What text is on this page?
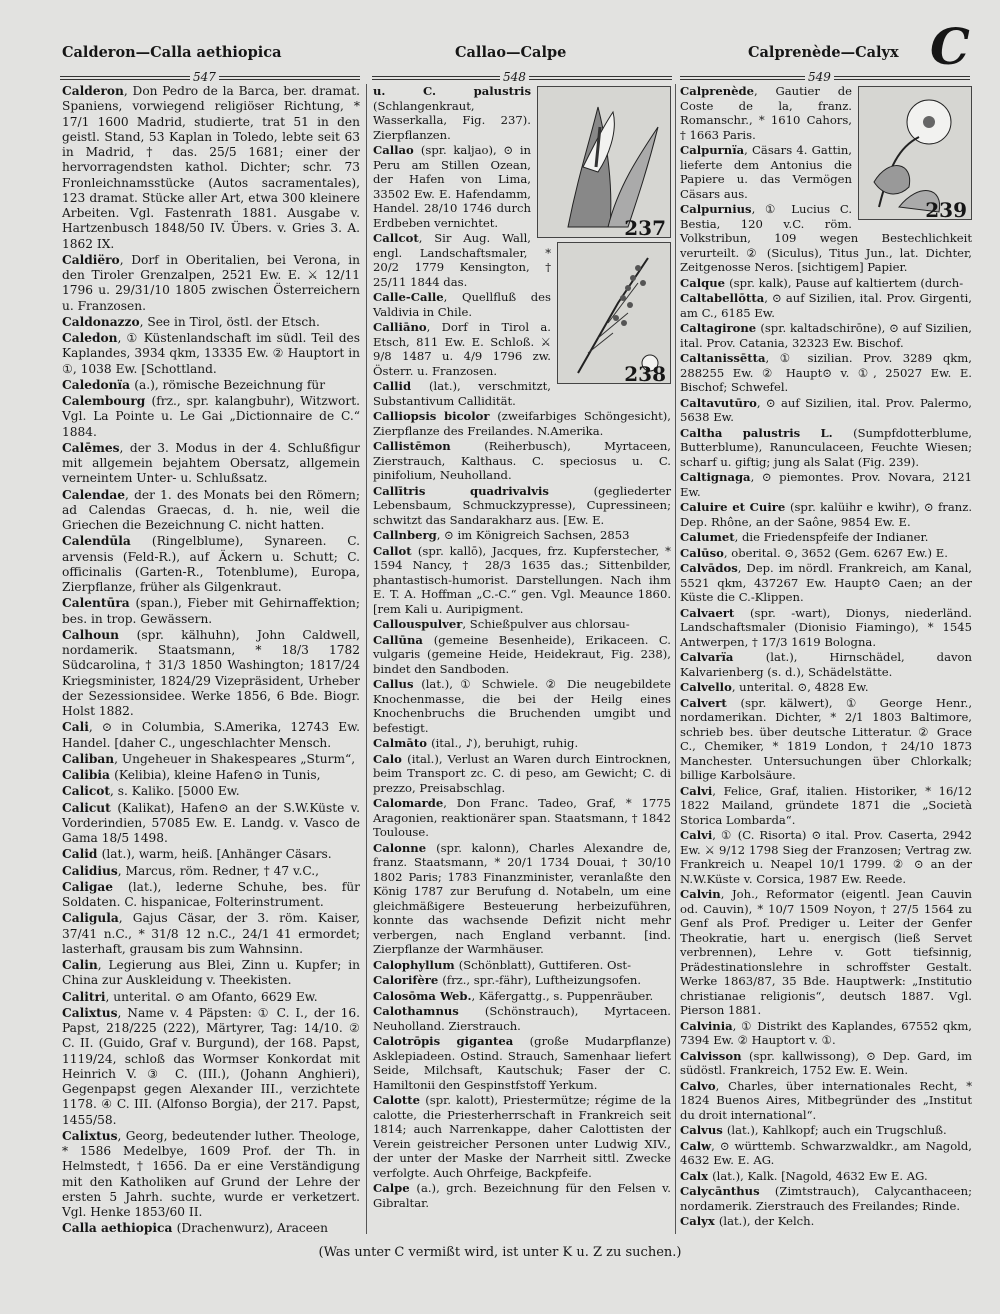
Calderon—Calla aethiopica	Callao—Calpe	Calprenède—Calyx C
547	548	549
Calderon, Don Pedro de la Barca, ber. dramat. Spaniens, vorwiegend religiöser Richtung, * 17/1 1600 Madrid, studierte, trat 51 in den geistl. Stand, 53 Kaplan in Toledo, lebte seit 63 in Madrid, † das. 25/5 1681; einer der hervorragendsten kathol. Dichter; schr. 73 Fronleichnamsstücke (Autos sacramentales), 123 dramat. Stücke aller Art, etwa 300 kleinere Arbeiten. Vgl. Fastenrath 1881. Ausgabe v. Hartzenbusch 1848/50 IV. Übers. v. Gries 3. A. 1862 IX.
Caldiëro, Dorf in Oberitalien, bei Verona, in den Tiroler Grenzalpen, 2521 Ew. E. ⚔ 12/11 1796 u. 29/31/10 1805 zwischen Österreichern u. Franzosen.
Caldonazzo, See in Tirol, östl. der Etsch.
Caledon, ① Küstenlandschaft im südl. Teil des Kaplandes, 3934 qkm, 13335 Ew. ② Hauptort in ①, 1038 Ew. [Schottland.
Caledonïa (a.), römische Bezeichnung für
Calembourg (frz., spr. kalangbuhr), Witzwort. Vgl. La Pointe u. Le Gai „Dictionnaire de C.“ 1884.
Calēmes, der 3. Modus in der 4. Schlußfigur mit allgemein bejahtem Obersatz, allgemein verneintem Unter- u. Schlußsatz.
Calendae, der 1. des Monats bei den Römern; ad Calendas Graecas, d. h. nie, weil die Griechen die Bezeichnung C. nicht hatten.
Calendūla (Ringelblume), Synareen. C. arvensis (Feld-R.), auf Äckern u. Schutt; C. officinalis (Garten-R., Totenblume), Europa, Zierpflanze, früher als Gilgenkraut.
Calentūra (span.), Fieber mit Gehirnaffektion; bes. in trop. Gewässern.
Calhoun (spr. kälhuhn), John Caldwell, nordamerik. Staatsmann, * 18/3 1782 Südcarolina, † 31/3 1850 Washington; 1817/24 Kriegsminister, 1824/29 Vizepräsident, Urheber der Sezessionsidee. Werke 1856, 6 Bde. Biogr. Holst 1882.
Cali, ⊙ in Columbia, S.Amerika, 12743 Ew. Handel. [daher C., ungeschlachter Mensch.
Caliban, Ungeheuer in Shakespeares „Sturm“,
Calibia (Kelibia), kleine Hafen⊙ in Tunis,
Calicot, s. Kaliko. [5000 Ew.
Calicut (Kalikat), Hafen⊙ an der S.W.Küste v. Vorderindien, 57085 Ew. E. Landg. v. Vasco de Gama 18/5 1498.
Calid (lat.), warm, heiß. [Anhänger Cäsars.
Calidius, Marcus, röm. Redner, † 47 v.C.,
Caligae (lat.), lederne Schuhe, bes. für Soldaten. C. hispanicae, Folterinstrument.
Caligula, Gajus Cäsar, der 3. röm. Kaiser, 37/41 n.C., * 31/8 12 n.C., 24/1 41 ermordet; lasterhaft, grausam bis zum Wahnsinn.
Calin, Legierung aus Blei, Zinn u. Kupfer; in China zur Auskleidung v. Theekisten.
Calitri, unterital. ⊙ am Ofanto, 6629 Ew.
Calixtus, Name v. 4 Päpsten: ① C. I., der 16. Papst, 218/225 (222), Märtyrer, Tag: 14/10. ② C. II. (Guido, Graf v. Burgund), der 168. Papst, 1119/24, schloß das Wormser Konkordat mit Heinrich V. ③ C. (III.), (Johann Anghieri), Gegenpapst gegen Alexander III., verzichtete 1178. ④ C. III. (Alfonso Borgia), der 217. Papst, 1455/58.
Calixtus, Georg, bedeutender luther. Theologe, * 1586 Medelbye, 1609 Prof. der Th. in Helmstedt, † 1656. Da er eine Verständigung mit den Katholiken auf Grund der Lehre der ersten 5 Jahrh. suchte, wurde er verketzert. Vgl. Henke 1853/60 II.
Calla aethiopica (Drachenwurz), Araceen
237
238
u. C. palustris (Schlangenkraut, Wasserkalla, Fig. 237). Zierpflanzen.
Callao (spr. kaljao), ⊙ in Peru am Stillen Ozean, der Hafen von Lima, 33502 Ew. E. Hafendamm, Handel. 28/10 1746 durch Erdbeben vernichtet.
Callcot, Sir Aug. Wall, engl. Landschaftsmaler, * 20/2 1779 Kensington, † 25/11 1844 das.
Calle-Calle, Quellfluß des Valdivia in Chile.
Calliāno, Dorf in Tirol a. Etsch, 811 Ew. E. Schloß. ⚔ 9/8 1487 u. 4/9 1796 zw. Österr. u. Franzosen.
Callid (lat.), verschmitzt, Substantivum Callidität.
Calliopsis bicolor (zweifarbiges Schöngesicht), Zierpflanze des Freilandes. N.Amerika.
Callistēmon (Reiherbusch), Myrtaceen, Zierstrauch, Kalthaus. C. speciosus u. C. pinifolium, Neuholland.
Callītris quadrivalvis (gegliederter Lebensbaum, Schmuckzypresse), Cupressineen; schwitzt das Sandarakharz aus. [Ew. E.
Callnberg, ⊙ im Königreich Sachsen, 2853
Callot (spr. kallō), Jacques, frz. Kupferstecher, * 1594 Nancy, † 28/3 1635 das.; Sittenbilder, phantastisch-humorist. Darstellungen. Nach ihm E. T. A. Hoffman „C.-C.“ gen. Vgl. Meaunce 1860. [rem Kali u. Auripigment.
Callouspulver, Schießpulver aus chlorsau-
Callūna (gemeine Besenheide), Erikaceen. C. vulgaris (gemeine Heide, Heidekraut, Fig. 238), bindet den Sandboden.
Callus (lat.), ① Schwiele. ② Die neugebildete Knochenmasse, die bei der Heilg eines Knochenbruchs die Bruchenden umgibt und befestigt.
Calmāto (ital., ♪), beruhigt, ruhig.
Calo (ital.), Verlust an Waren durch Eintrocknen, beim Transport zc. C. di peso, am Gewicht; C. di prezzo, Preisabschlag.
Calomarde, Don Franc. Tadeo, Graf, * 1775 Aragonien, reaktionärer span. Staatsmann, † 1842 Toulouse.
Calonne (spr. kalonn), Charles Alexandre de, franz. Staatsmann, * 20/1 1734 Douai, † 30/10 1802 Paris; 1783 Finanzminister, veranlaßte den König 1787 zur Berufung d. Notabeln, um eine gleichmäßigere Besteuerung herbeizuführen, konnte das wachsende Defizit nicht mehr verbergen, nach England verbannt. [ind. Zierpflanze der Warmhäuser.
Calophyllum (Schönblatt), Guttiferen. Ost-
Calorifère (frz., spr.-fähr), Luftheizungsofen.
Calosōma Web., Käfergattg., s. Puppenräuber.
Calothamnus (Schönstrauch), Myrtaceen. Neuholland. Zierstrauch.
Calotrōpis gigantea (große Mudarpflanze) Asklepiadeen. Ostind. Strauch, Samenhaar liefert Seide, Milchsaft, Kautschuk; Faser der C. Hamiltonii den Gespinstfstoff Yerkum.
Calotte (spr. kalott), Priestermütze; régime de la calotte, die Priesterherrschaft in Frankreich seit 1814; auch Narrenkappe, daher Calottisten der Verein geistreicher Personen unter Ludwig XIV., der unter der Maske der Narrheit sittl. Zwecke verfolgte. Auch Ohrfeige, Backpfeife.
Calpe (a.), grch. Bezeichnung für den Felsen v. Gibraltar.
239
Calprenède, Gautier de Coste de la, franz. Romanschr., * 1610 Cahors, † 1663 Paris.
Calpurnïa, Cäsars 4. Gattin, lieferte dem Antonius die Papiere u. das Vermögen Cäsars aus.
Calpurnius, ① Lucius C. Bestia, 120 v.C. röm. Volkstribun, 109 wegen Bestechlichkeit verurteilt. ② (Siculus), Titus Jun., lat. Dichter, Zeitgenosse Neros. [sichtigem] Papier.
Calque (spr. kalk), Pause auf kaltiertem (durch-
Caltabellōtta, ⊙ auf Sizilien, ital. Prov. Girgenti, am C., 6185 Ew.
Caltagirone (spr. kaltadschirōne), ⊙ auf Sizilien, ital. Prov. Catania, 32323 Ew. Bischof.
Caltanissētta, ① sizilian. Prov. 3289 qkm, 288255 Ew. ② Haupt⊙ v. ①, 25027 Ew. E. Bischof; Schwefel.
Caltavutūro, ⊙ auf Sizilien, ital. Prov. Palermo, 5638 Ew.
Caltha palustris L. (Sumpfdotterblume, Butterblume), Ranunculaceen, Feuchte Wiesen; scharf u. giftig; jung als Salat (Fig. 239).
Caltignaga, ⊙ piemontes. Prov. Novara, 2121 Ew.
Caluire et Cuire (spr. kalüihr e kwihr), ⊙ franz. Dep. Rhône, an der Saône, 9854 Ew. E.
Calumet, die Friedenspfeife der Indianer.
Calūso, oberital. ⊙, 3652 (Gem. 6267 Ew.) E.
Calvādos, Dep. im nördl. Frankreich, am Kanal, 5521 qkm, 437267 Ew. Haupt⊙ Caen; an der Küste die C.-Klippen.
Calvaert (spr. -wart), Dionys, niederländ. Landschaftsmaler (Dionisio Fiamingo), * 1545 Antwerpen, † 17/3 1619 Bologna.
Calvarïa (lat.), Hirnschädel, davon Kalvarienberg (s. d.), Schädelstätte.
Calvello, unterital. ⊙, 4828 Ew.
Calvert (spr. kälwert), ① George Henr., nordamerikan. Dichter, * 2/1 1803 Baltimore, schrieb bes. über deutsche Litteratur. ② Grace C., Chemiker, * 1819 London, † 24/10 1873 Manchester. Untersuchungen über Chlorkalk; billige Karbolsäure.
Calvi, Felice, Graf, italien. Historiker, * 16/12 1822 Mailand, gründete 1871 die „Società Storica Lombarda“.
Calvi, ① (C. Risorta) ⊙ ital. Prov. Caserta, 2942 Ew. ⚔ 9/12 1798 Sieg der Franzosen; Vertrag zw. Frankreich u. Neapel 10/1 1799. ② ⊙ an der N.W.Küste v. Corsica, 1987 Ew. Reede.
Calvin, Joh., Reformator (eigentl. Jean Cauvin od. Cauvin), * 10/7 1509 Noyon, † 27/5 1564 zu Genf als Prof. Prediger u. Leiter der Genfer Theokratie, hart u. energisch (ließ Servet verbrennen), Lehre v. Gott tiefsinnig, Prädestinationslehre in schroffster Gestalt. Werke 1863/87, 35 Bde. Hauptwerk: „Institutio christianae religionis“, deutsch 1887. Vgl. Pierson 1881.
Calvinia, ① Distrikt des Kaplandes, 67552 qkm, 7394 Ew. ② Hauptort v. ①.
Calvisson (spr. kallwissong), ⊙ Dep. Gard, im südöstl. Frankreich, 1752 Ew. E. Wein.
Calvo, Charles, über internationales Recht, * 1824 Buenos Aires, Mitbegründer des „Institut du droit international“.
Calvus (lat.), Kahlkopf; auch ein Trugschluß.
Calw, ⊙ württemb. Schwarzwaldkr., am Nagold, 4632 Ew. E. AG.
Calx (lat.), Kalk. [Nagold, 4632 Ew E. AG.
Calycānthus (Zimtstrauch), Calycanthaceen; nordamerik. Zierstrauch des Freilandes; Rinde.
Calyx (lat.), der Kelch.
(Was unter C vermißt wird, ist unter K u. Z zu suchen.)
